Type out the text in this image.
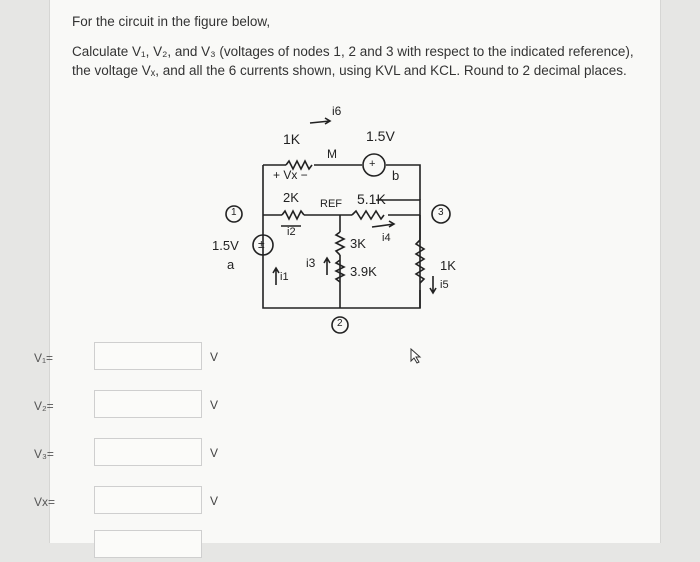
For the circuit in the figure below,
Calculate V₁, V₂, and V₃ (voltages of nodes 1, 2 and 3 with respect to the indicated reference), the voltage Vₓ, and all the 6 currents shown, using KVL and KCL. Round to 2 decimal places.
1K
+ Vx −
i6
1.5V
M
+
b
2K REF 5.1K
1	3
2
1.5V ±
a
i1
i2
i3
i4
3K
3.9K	1K
i5
V₁=	V
V₂=	V
V₃=	V
Vx=	V
